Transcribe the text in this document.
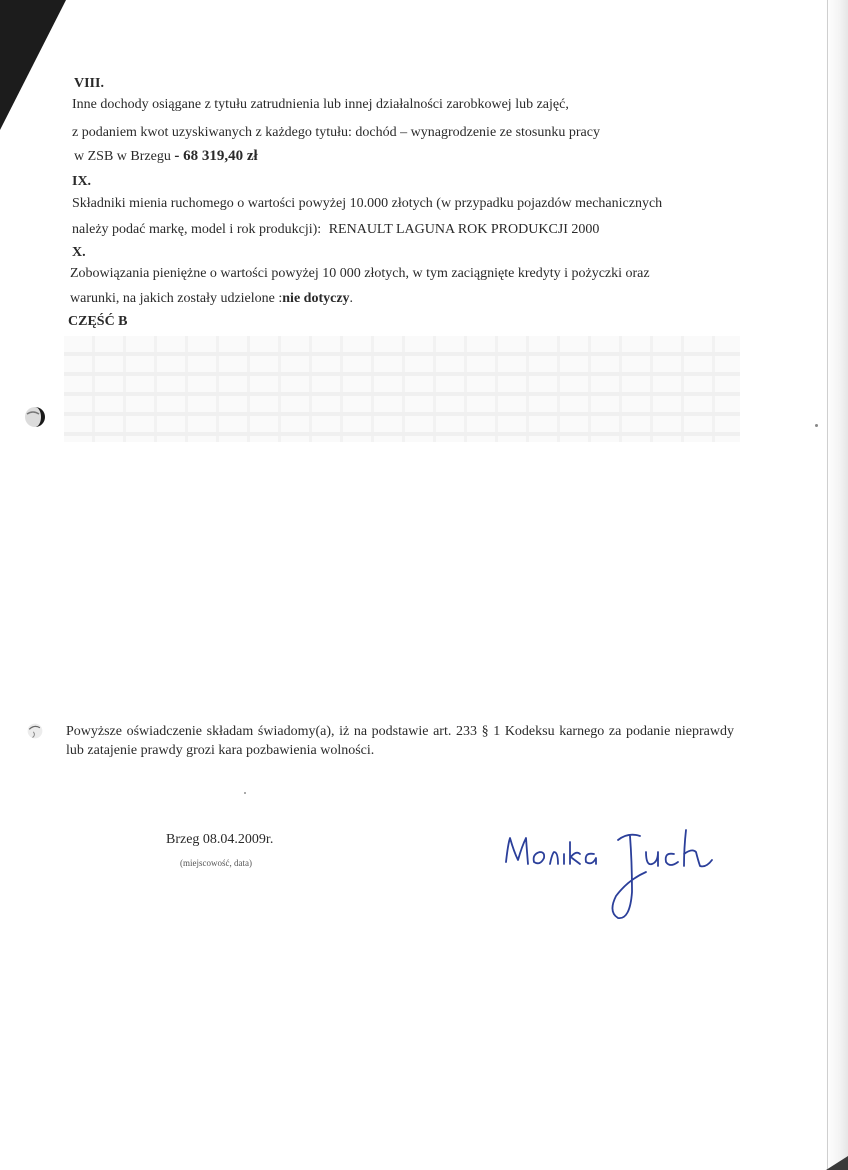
VIII.
Inne dochody osiągane z tytułu zatrudnienia lub innej działalności zarobkowej lub zajęć,
z podaniem kwot uzyskiwanych z każdego tytułu: dochód – wynagrodzenie ze stosunku pracy
w ZSB w Brzegu - 68 319,40 zł
IX.
Składniki mienia ruchomego o wartości powyżej 10.000 złotych (w przypadku pojazdów mechanicznych
należy podać markę, model i rok produkcji): RENAULT LAGUNA ROK PRODUKCJI 2000
X.
Zobowiązania pieniężne o wartości powyżej 10 000 złotych, w tym zaciągnięte kredyty i pożyczki oraz
warunki, na jakich zostały udzielone :nie dotyczy.
CZĘŚĆ B
Powyższe oświadczenie składam świadomy(a), iż na podstawie art. 233 § 1 Kodeksu karnego za podanie nieprawdy lub zatajenie prawdy grozi kara pozbawienia wolności.
Brzeg 08.04.2009r.
(miejscowość, data)
